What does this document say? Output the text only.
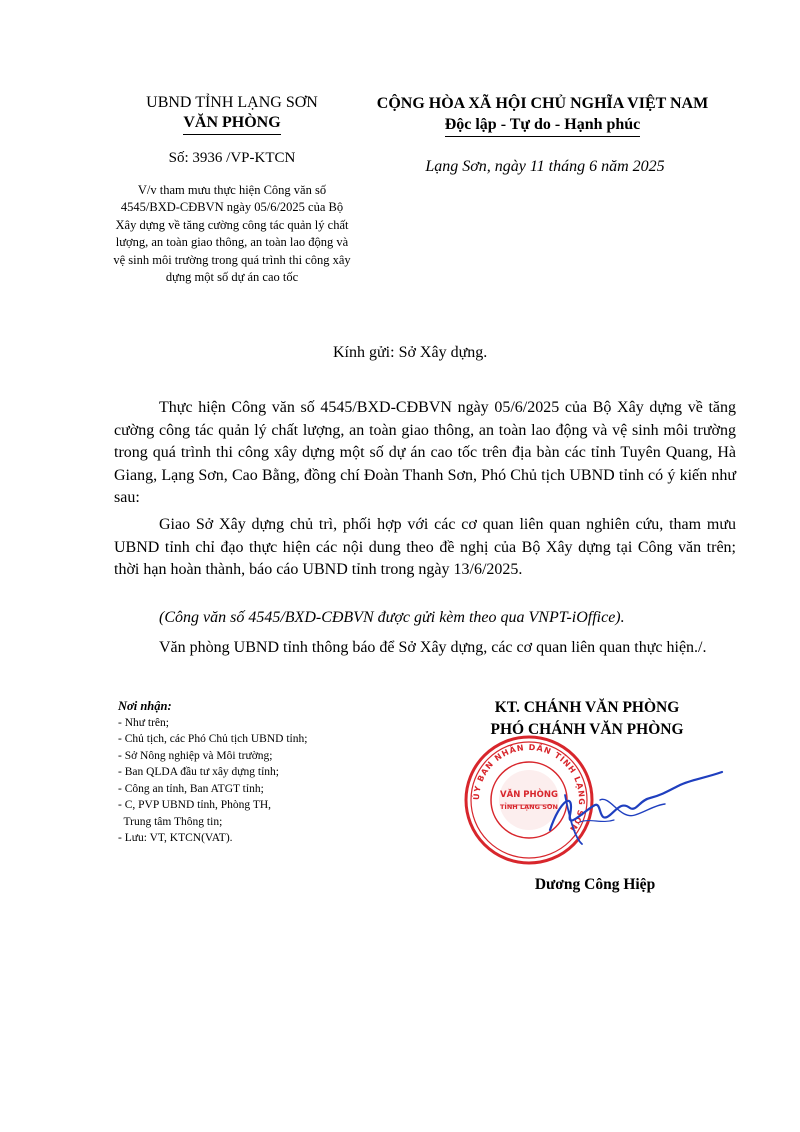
UBND TỈNH LẠNG SƠN
VĂN PHÒNG
CỘNG HÒA XÃ HỘI CHỦ NGHĨA VIỆT NAM
Độc lập - Tự do - Hạnh phúc
Số: 3936 /VP-KTCN	Lạng Sơn, ngày 11 tháng 6 năm 2025
V/v tham mưu thực hiện Công văn số 4545/BXD-CĐBVN ngày 05/6/2025 của Bộ Xây dựng về tăng cường công tác quản lý chất lượng, an toàn giao thông, an toàn lao động và vệ sinh môi trường trong quá trình thi công xây dựng một số dự án cao tốc
Kính gửi: Sở Xây dựng.
Thực hiện Công văn số 4545/BXD-CĐBVN ngày 05/6/2025 của Bộ Xây dựng về tăng cường công tác quản lý chất lượng, an toàn giao thông, an toàn lao động và vệ sinh môi trường trong quá trình thi công xây dựng một số dự án cao tốc trên địa bàn các tỉnh Tuyên Quang, Hà Giang, Lạng Sơn, Cao Bằng, đồng chí Đoàn Thanh Sơn, Phó Chủ tịch UBND tỉnh có ý kiến như sau:
Giao Sở Xây dựng chủ trì, phối hợp với các cơ quan liên quan nghiên cứu, tham mưu UBND tỉnh chỉ đạo thực hiện các nội dung theo đề nghị của Bộ Xây dựng tại Công văn trên; thời hạn hoàn thành, báo cáo UBND tỉnh trong ngày 13/6/2025.
(Công văn số 4545/BXD-CĐBVN được gửi kèm theo qua VNPT-iOffice).
Văn phòng UBND tỉnh thông báo để Sở Xây dựng, các cơ quan liên quan thực hiện./.
Nơi nhận:
- Như trên;
- Chủ tịch, các Phó Chủ tịch UBND tỉnh;
- Sở Nông nghiệp và Môi trường;
- Ban QLDA đầu tư xây dựng tỉnh;
- Công an tỉnh, Ban ATGT tỉnh;
- C, PVP UBND tỉnh, Phòng TH,
Trung tâm Thông tin;
- Lưu: VT, KTCN(VAT).
KT. CHÁNH VĂN PHÒNG
PHÓ CHÁNH VĂN PHÒNG
ỦY BAN NHÂN DÂN TỈNH LẠNG SƠN
VĂN PHÒNG
TỈNH LẠNG SƠN
Dương Công Hiệp
